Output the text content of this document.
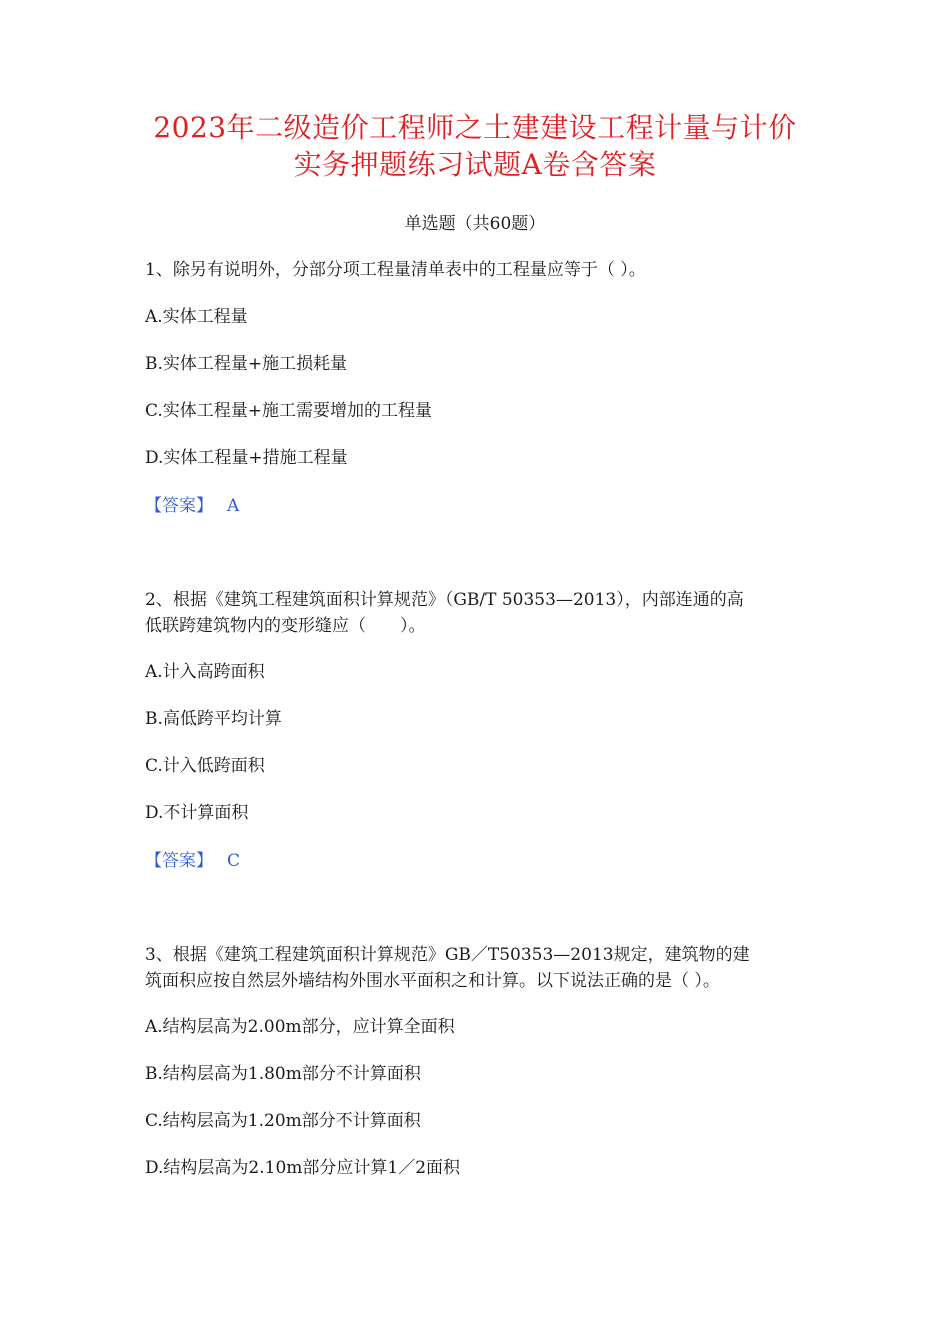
2023年二级造价工程师之土建建设工程计量与计价
实务押题练习试题A卷含答案
单选题（共60题）
1、除另有说明外，分部分项工程量清单表中的工程量应等于（ ）。
A.实体工程量
B.实体工程量+施工损耗量
C.实体工程量+施工需要增加的工程量
D.实体工程量+措施工程量
【答案】 A
2、根据《建筑工程建筑面积计算规范》（GB/T 50353—2013），内部连通的高
低联跨建筑物内的变形缝应（　　）。
A.计入高跨面积
B.高低跨平均计算
C.计入低跨面积
D.不计算面积
【答案】 C
3、根据《建筑工程建筑面积计算规范》GB／T50353—2013规定，建筑物的建
筑面积应按自然层外墙结构外围水平面积之和计算。以下说法正确的是（ ）。
A.结构层高为2.00m部分，应计算全面积
B.结构层高为1.80m部分不计算面积
C.结构层高为1.20m部分不计算面积
D.结构层高为2.10m部分应计算1／2面积
